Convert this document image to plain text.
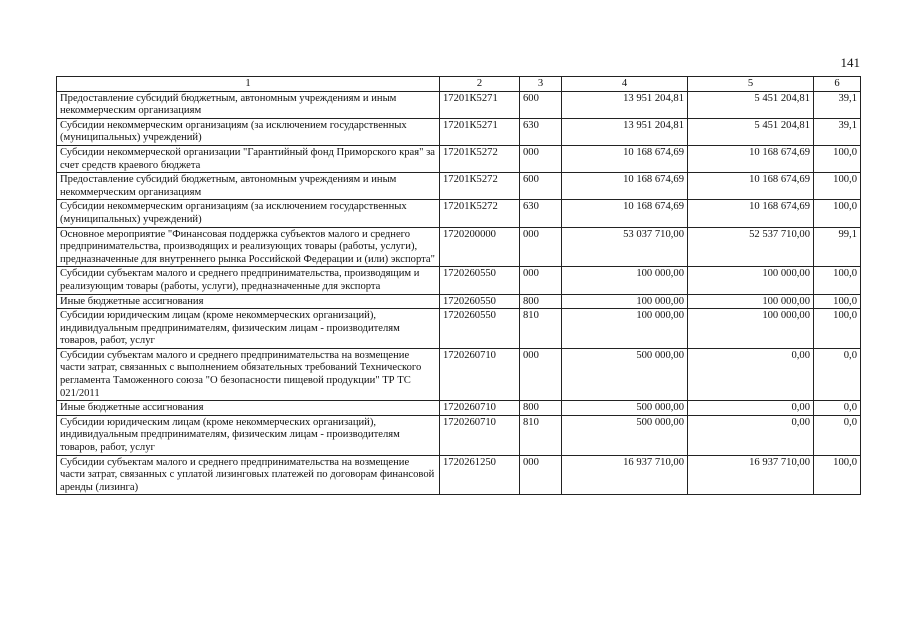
141
1	2	3	4	5	6
Предоставление субсидий бюджетным, автономным учреждениям и иным некоммерческим организациям	17201К5271	600	13 951 204,81	5 451 204,81	39,1
Субсидии некоммерческим организациям (за исключением государственных (муниципальных) учреждений)	17201К5271	630	13 951 204,81	5 451 204,81	39,1
Субсидии некоммерческой организации "Гарантийный фонд Приморского края" за счет средств краевого бюджета	17201К5272	000	10 168 674,69	10 168 674,69	100,0
Предоставление субсидий бюджетным, автономным учреждениям и иным некоммерческим организациям	17201К5272	600	10 168 674,69	10 168 674,69	100,0
Субсидии некоммерческим организациям (за исключением государственных (муниципальных) учреждений)	17201К5272	630	10 168 674,69	10 168 674,69	100,0
Основное мероприятие "Финансовая поддержка субъектов малого и среднего предпринимательства, производящих и реализующих товары (работы, услуги), предназначенные для внутреннего рынка Российской Федерации и (или) экспорта"	1720200000	000	53 037 710,00	52 537 710,00	99,1
Субсидии субъектам малого и среднего предпринимательства, производящим и реализующим товары (работы, услуги), предназначенные для экспорта	1720260550	000	100 000,00	100 000,00	100,0
Иные бюджетные ассигнования	1720260550	800	100 000,00	100 000,00	100,0
Субсидии юридическим лицам (кроме некоммерческих организаций), индивидуальным предпринимателям, физическим лицам - производителям товаров, работ, услуг	1720260550	810	100 000,00	100 000,00	100,0
Субсидии субъектам малого и среднего предпринимательства на возмещение части затрат, связанных с выполнением обязательных требований Технического регламента Таможенного союза "О безопасности пищевой продукции" ТР ТС 021/2011	1720260710	000	500 000,00	0,00	0,0
Иные бюджетные ассигнования	1720260710	800	500 000,00	0,00	0,0
Субсидии юридическим лицам (кроме некоммерческих организаций), индивидуальным предпринимателям, физическим лицам - производителям товаров, работ, услуг	1720260710	810	500 000,00	0,00	0,0
Субсидии субъектам малого и среднего предпринимательства на возмещение части затрат, связанных с уплатой лизинговых платежей по договорам финансовой аренды (лизинга)	1720261250	000	16 937 710,00	16 937 710,00	100,0
